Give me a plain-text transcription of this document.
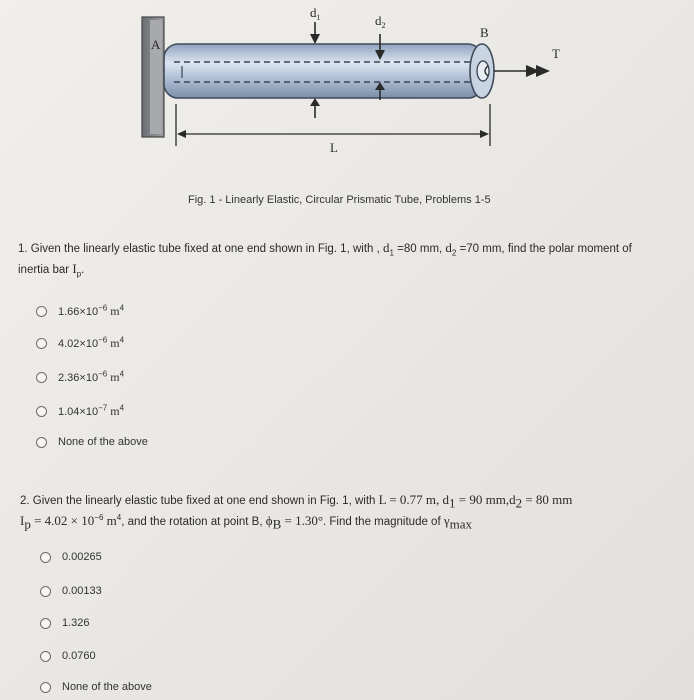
A
$d_1$	$d_2$	B
T
L
Fig. 1 - Linearly Elastic, Circular Prismatic Tube, Problems 1-5
1. Given the linearly elastic tube fixed at one end shown in Fig. 1, with , $d_1 =80$ mm, $d_2 =70$ mm, find the polar moment of
inertia bar $I_p$.
$1.66\times 10^{-6}$ $m^4$
$4.02\times 10^{-6}$ $m^4$
$2.36\times 10^{-6}$ $m^4$
$1.04\times 10^{-7}$ $m^4$
None of the above
2. Given the linearly elastic tube fixed at one end shown in Fig. 1, with L = 0.77 m, $d_1 = 90$ $mm,d_2 = 80$ mm
$I_p = 4.02 \times 10^{-6}$ $m^4$, and the rotation at point B, $\phi_B = 1.30^\circ$. Find the magnitude of $\gamma_{max}$
0.00265
0.00133
1.326
0.0760
None of the above
